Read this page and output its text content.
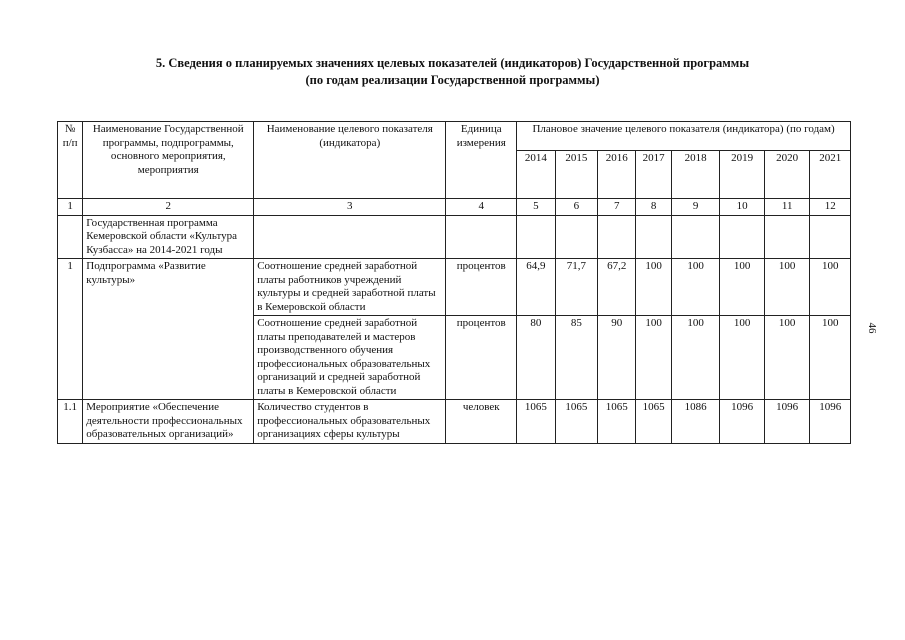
5. Сведения о планируемых значениях целевых показателей (индикаторов) Государственной программы
(по годам реализации Государственной программы)
№ п/п	Наименование Государственной программы, подпрограммы, основного мероприятия, мероприятия	Наименование целевого показателя (индикатора)	Единица измерения	Плановое значение целевого показателя (индикатора) (по годам)							
				2014	2015	2016	2017	2018	2019	2020	2021
1	2	3	4	5	6	7	8	9	10	11	12
	Государственная программа Кемеровской области «Культура Кузбасса» на 2014-2021 годы										
1	Подпрограмма «Развитие культуры»	Соотношение средней заработной платы работников учреждений культуры и средней заработной платы в Кемеровской области	процентов	64,9	71,7	67,2	100	100	100	100	100
		Соотношение средней заработной платы преподавателей и мастеров производственного обучения профессиональных образовательных организаций и средней заработной платы в Кемеровской области	процентов	80	85	90	100	100	100	100	100
1.1	Мероприятие «Обеспечение деятельности профессиональных образовательных организаций»	Количество студентов в профессиональных образовательных организациях сферы культуры	человек	1065	1065	1065	1065	1086	1096	1096	1096
46
